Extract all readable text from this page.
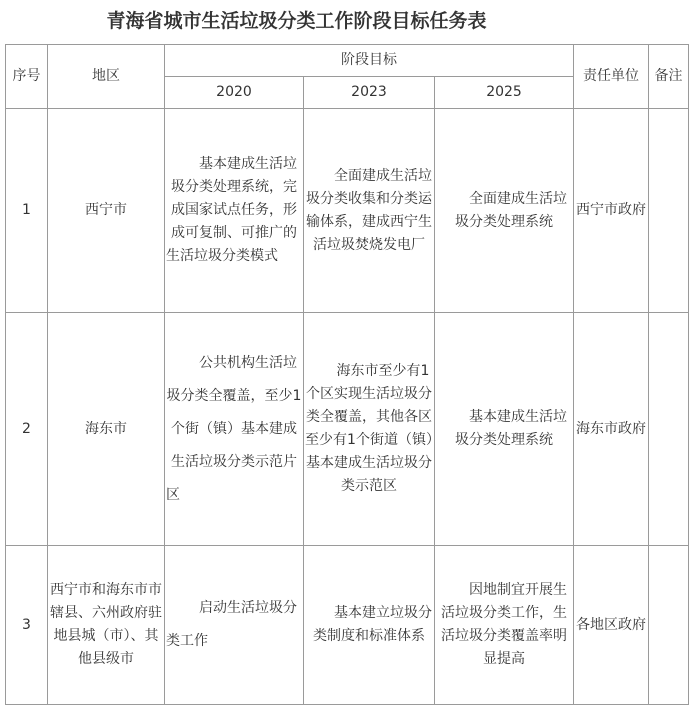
青海省城市生活垃圾分类工作阶段目标任务表
序号	地区	阶段目标			责任单位	备注
		2020	2023	2025		
1	西宁市	基本建成生活垃圾分类处理系统，完成国家试点任务，形成可复制、可推广的生活垃圾分类模式	全面建成生活垃圾分类收集和分类运输体系，建成西宁生活垃圾焚烧发电厂	全面建成生活垃圾分类处理系统	西宁市政府	
2	海东市	公共机构生活垃圾分类全覆盖，至少1个街（镇）基本建成生活垃圾分类示范片区	海东市至少有1个区实现生活垃圾分类全覆盖，其他各区至少有1个街道（镇）基本建成生活垃圾分类示范区	基本建成生活垃圾分类处理系统	海东市政府	
3	西宁市和海东市市辖县、六州政府驻地县城（市）、其他县级市	启动生活垃圾分类工作	基本建立垃圾分类制度和标准体系	因地制宜开展生活垃圾分类工作，生活垃圾分类覆盖率明显提高	各地区政府	
